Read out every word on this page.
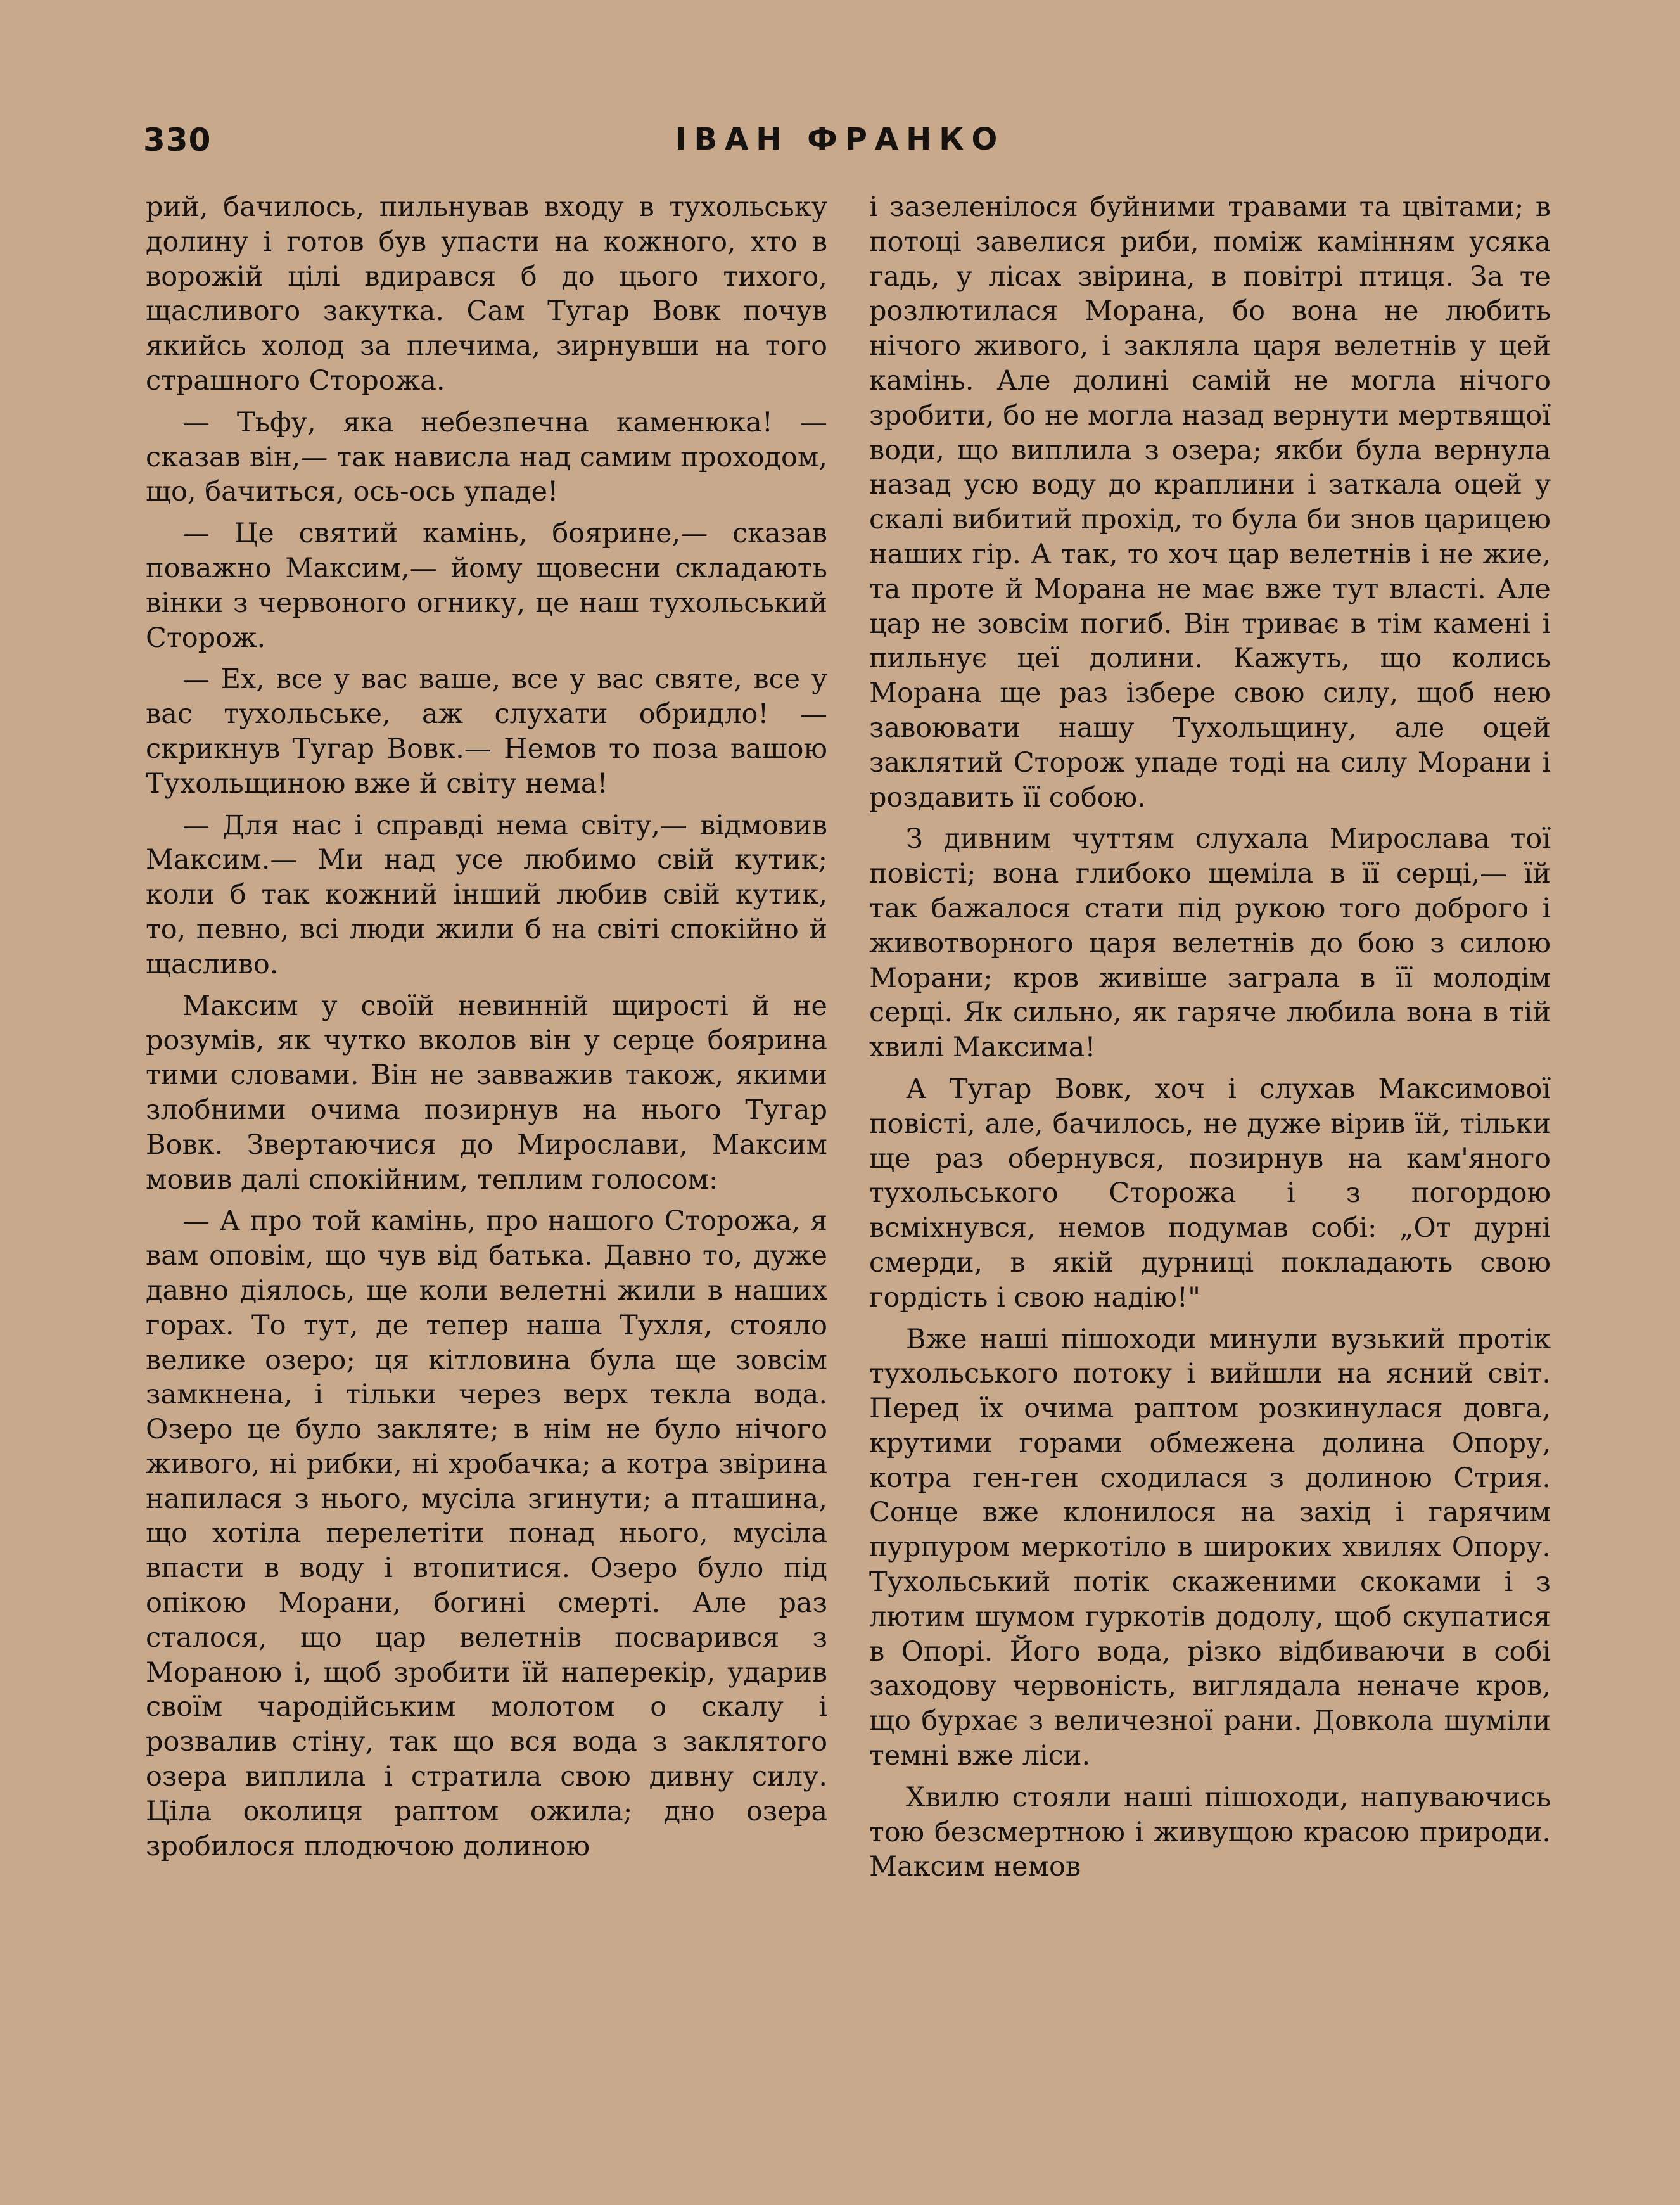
330	ІВАН ФРАНКО

рий, бачилось, пильнував входу в тухольську долину і готов був упасти на кожного, хто в ворожій цілі вдирався б до цього тихого, щасливого закутка. Сам Тугар Вовк почув якийсь холод за плечима, зирнувши на того страшного Сторожа.

— Тьфу, яка небезпечна каменюка! — сказав він,— так нависла над самим проходом, що, бачиться, ось-ось упаде!

— Це святий камінь, боярине,— сказав поважно Максим,— йому щовесни складають вінки з червоного огнику, це наш тухольський Сторож.

— Ех, все у вас ваше, все у вас святе, все у вас тухольське, аж слухати обридло! — скрикнув Тугар Вовк.— Немов то поза вашою Тухольщиною вже й світу нема!

— Для нас і справді нема світу,— відмовив Максим.— Ми над усе любимо свій кутик; коли б так кожний інший любив свій кутик, то, певно, всі люди жили б на світі спокійно й щасливо.

Максим у своїй невинній щирості й не розумів, як чутко вколов він у серце боярина тими словами. Він не завважив також, якими злобними очима позирнув на нього Тугар Вовк. Звертаючися до Мирослави, Максим мовив далі спокійним, теплим голосом:

— А про той камінь, про нашого Сторожа, я вам оповім, що чув від батька. Давно то, дуже давно діялось, ще коли велетні жили в наших горах. То тут, де тепер наша Тухля, стояло велике озеро; ця кітловина була ще зовсім замкнена, і тільки через верх текла вода. Озеро це було закляте; в нім не було нічого живого, ні рибки, ні хробачка; а котра звірина напилася з нього, мусіла згинути; а пташина, що хотіла перелетіти понад нього, мусіла впасти в воду і втопитися. Озеро було під опікою Морани, богині смерті. Але раз сталося, що цар велетнів посварився з Мораною і, щоб зробити їй наперекір, ударив своїм чародійським молотом о скалу і розвалив стіну, так що вся вода з заклятого озера виплила і стратила свою дивну силу. Ціла околиця раптом ожила; дно озера зробилося плодючою долиною

і зазеленілося буйними травами та цвітами; в потоці завелися риби, поміж камінням усяка гадь, у лісах звірина, в повітрі птиця. За те розлютилася Морана, бо вона не любить нічого живого, і закляла царя велетнів у цей камінь. Але долині самій не могла нічого зробити, бо не могла назад вернути мертвящої води, що виплила з озера; якби була вернула назад усю воду до краплини і заткала оцей у скалі вибитий прохід, то була би знов царицею наших гір. А так, то хоч цар велетнів і не жие, та проте й Морана не має вже тут власті. Але цар не зовсім погиб. Він триває в тім камені і пильнує цеї долини. Кажуть, що колись Морана ще раз ізбере свою силу, щоб нею завоювати нашу Тухольщину, але оцей заклятий Сторож упаде тоді на силу Морани і роздавить її собою.

З дивним чуттям слухала Мирослава тої повісті; вона глибоко щеміла в її серці,— їй так бажалося стати під рукою того доброго і животворного царя велетнів до бою з силою Морани; кров живіше заграла в її молодім серці. Як сильно, як гаряче любила вона в тій хвилі Максима!

А Тугар Вовк, хоч і слухав Максимової повісті, але, бачилось, не дуже вірив їй, тільки ще раз обернувся, позирнув на кам'яного тухольського Сторожа і з погордою всміхнувся, немов подумав собі: „От дурні смерди, в якій дурниці покладають свою гордість і свою надію!"

Вже наші пішоходи минули вузький протік тухольського потоку і вийшли на ясний світ. Перед їх очима раптом розкинулася довга, крутими горами обмежена долина Опору, котра ген-ген сходилася з долиною Стрия. Сонце вже клонилося на захід і гарячим пурпуром меркотіло в широких хвилях Опору. Тухольський потік скаженими скоками і з лютим шумом гуркотів додолу, щоб скупатися в Опорі. Його вода, різко відбиваючи в собі заходову червоність, виглядала неначе кров, що бурхає з величезної рани. Довкола шуміли темні вже ліси.

Хвилю стояли наші пішоходи, напуваючись тою безсмертною і живущою красою природи. Максим немов
